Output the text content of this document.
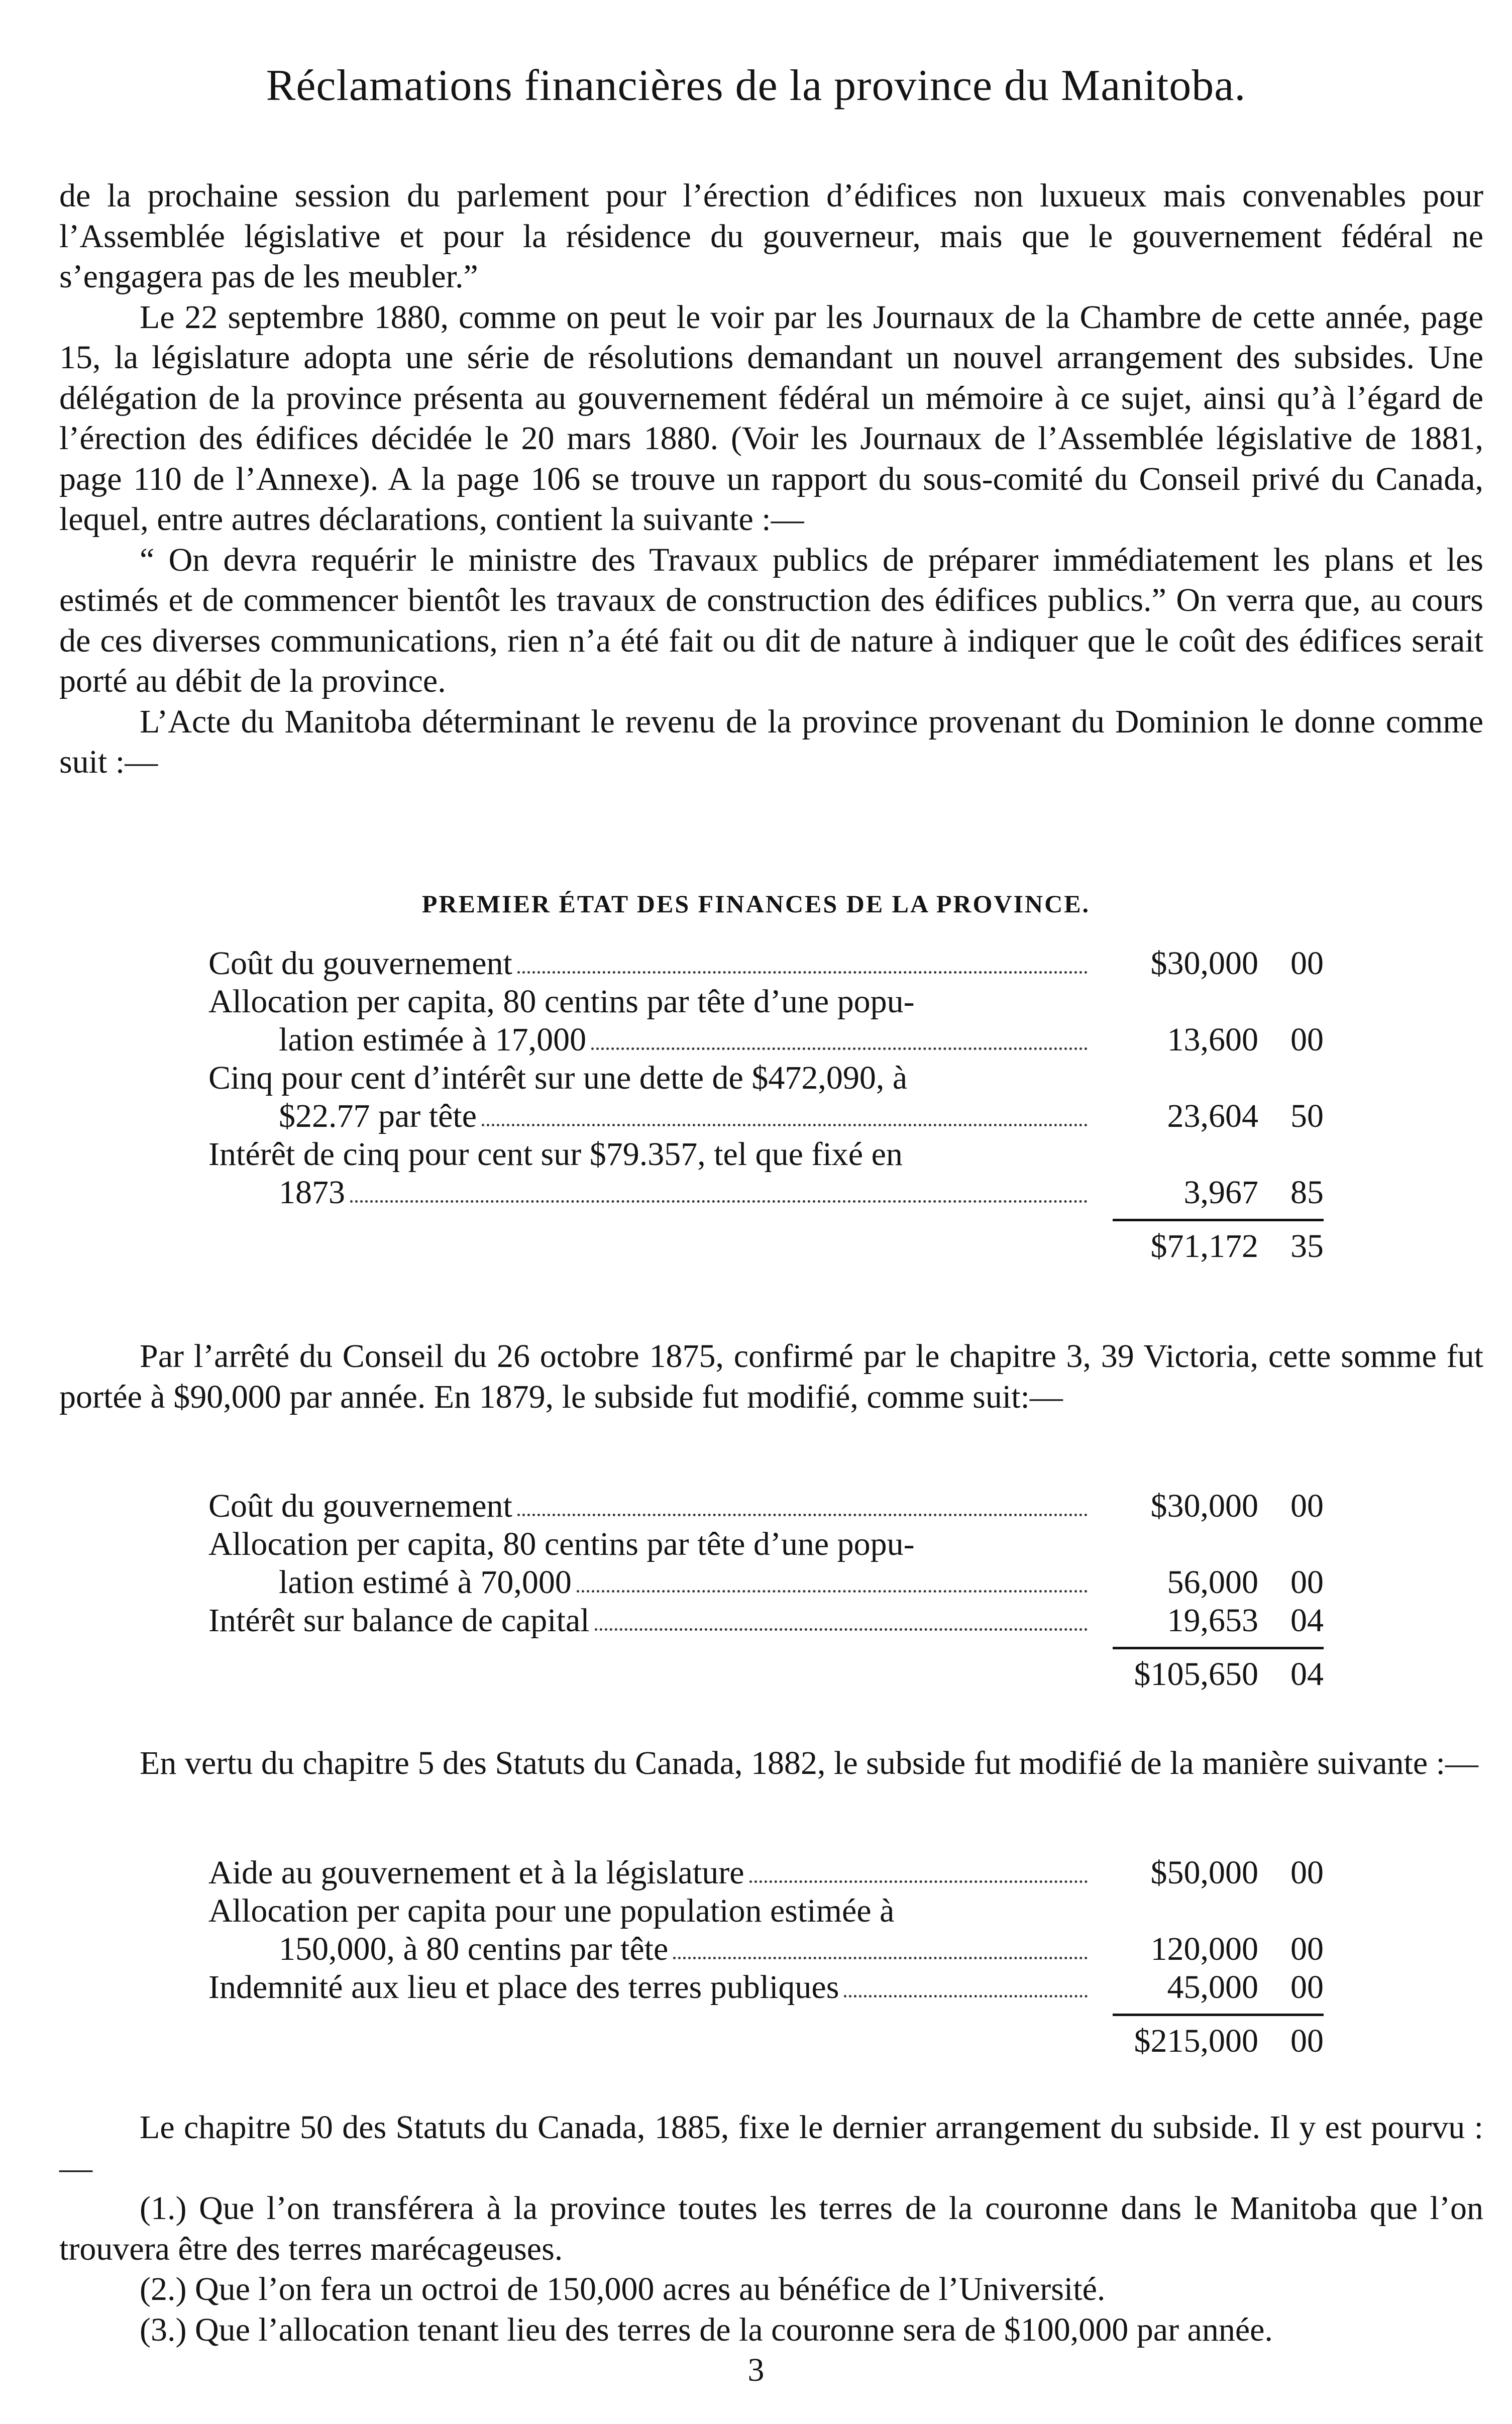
Réclamations financières de la province du Manitoba.

de la prochaine session du parlement pour l’érection d’édifices non luxueux mais convenables pour l’Assemblée législative et pour la résidence du gouverneur, mais que le gouvernement fédéral ne s’engagera pas de les meubler.”

Le 22 septembre 1880, comme on peut le voir par les Journaux de la Chambre de cette année, page 15, la législature adopta une série de résolutions demandant un nouvel arrangement des subsides. Une délégation de la province présenta au gouvernement fédéral un mémoire à ce sujet, ainsi qu’à l’égard de l’érection des édifices décidée le 20 mars 1880. (Voir les Journaux de l’Assemblée législative de 1881, page 110 de l’Annexe). A la page 106 se trouve un rapport du sous-comité du Conseil privé du Canada, lequel, entre autres déclarations, contient la suivante :—

“ On devra requérir le ministre des Travaux publics de préparer immédiatement les plans et les estimés et de commencer bientôt les travaux de construction des édifices publics.” On verra que, au cours de ces diverses communications, rien n’a été fait ou dit de nature à indiquer que le coût des édifices serait porté au débit de la province.

L’Acte du Manitoba déterminant le revenu de la province provenant du Dominion le donne comme suit :—

PREMIER ÉTAT DES FINANCES DE LA PROVINCE.
Coût du gouvernement	$30,000 00
Allocation per capita, 80 centins par tête d’une popu-
lation estimée à 17,000	13,600 00
Cinq pour cent d’intérêt sur une dette de $472,090, à
$22.77 par tête	23,604 50
Intérêt de cinq pour cent sur $79.357, tel que fixé en
1873	3,967 85
$71,172 35

Par l’arrêté du Conseil du 26 octobre 1875, confirmé par le chapitre 3, 39 Victoria, cette somme fut portée à $90,000 par année. En 1879, le subside fut modifié, comme suit:—

Coût du gouvernement	$30,000 00
Allocation per capita, 80 centins par tête d’une popu-
lation estimé à 70,000	56,000 00
Intérêt sur balance de capital	19,653 04
$105,650 04

En vertu du chapitre 5 des Statuts du Canada, 1882, le subside fut modifié de la manière suivante :—

Aide au gouvernement et à la législature	$50,000 00
Allocation per capita pour une population estimée à
150,000, à 80 centins par tête	120,000 00
Indemnité aux lieu et place des terres publiques	45,000 00
$215,000 00

Le chapitre 50 des Statuts du Canada, 1885, fixe le dernier arrangement du subside. Il y est pourvu :—

(1.) Que l’on transférera à la province toutes les terres de la couronne dans le Manitoba que l’on trouvera être des terres marécageuses.

(2.) Que l’on fera un octroi de 150,000 acres au bénéfice de l’Université.

(3.) Que l’allocation tenant lieu des terres de la couronne sera de $100,000 par année.

3
